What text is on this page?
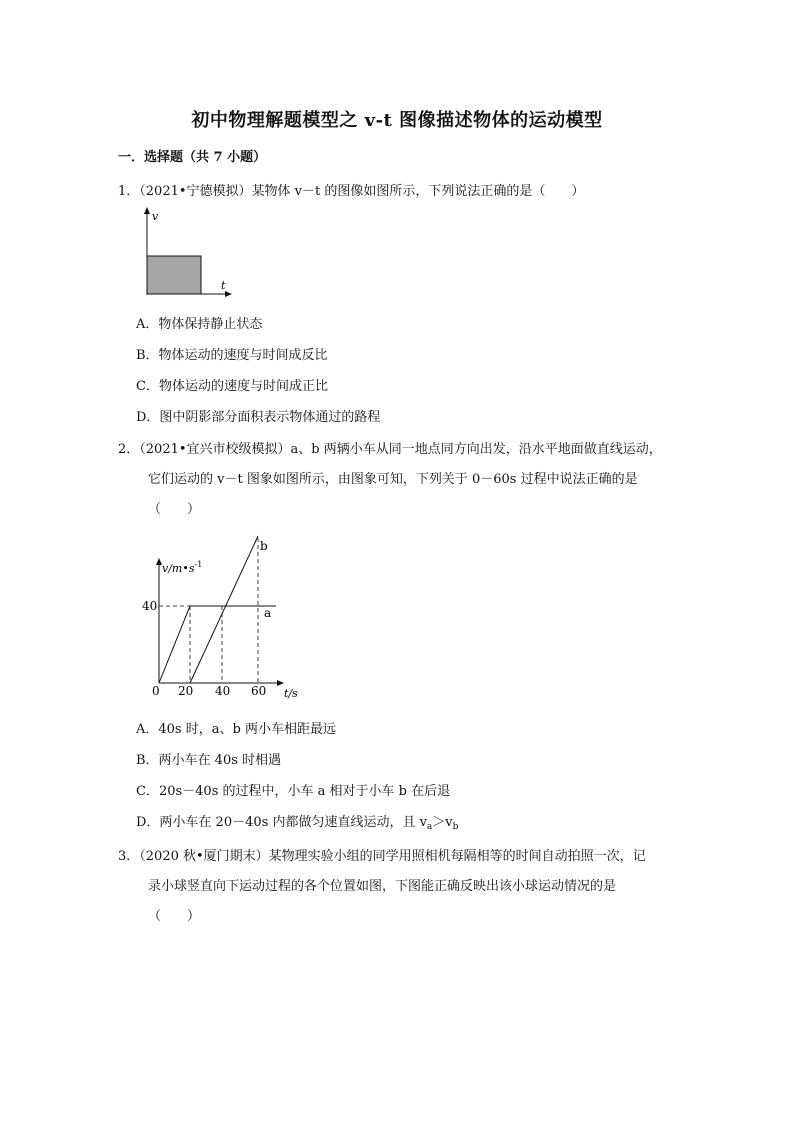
初中物理解题模型之 v-t 图像描述物体的运动模型
一．选择题（共 7 小题）
1．（2021•宁德模拟）某物体 v－t 的图像如图所示，下列说法正确的是（　　）
v
t
A．物体保持静止状态
B．物体运动的速度与时间成反比
C．物体运动的速度与时间成正比
D．图中阴影部分面积表示物体通过的路程
2．（2021•宜兴市校级模拟）a、b 两辆小车从同一地点同方向出发，沿水平地面做直线运动，
它们运动的 v－t 图象如图所示，由图象可知，下列关于 0－60s 过程中说法正确的是
（　　）
$v/m•s^{-1}$
40
0 20 40 60 t/s
a
b
A．40s 时，a、b 两小车相距最远
B．两小车在 40s 时相遇
C．20s－40s 的过程中，小车 a 相对于小车 b 在后退
D．两小车在 20－40s 内都做匀速直线运动，且 $v_a>v_b$
3．（2020 秋•厦门期末）某物理实验小组的同学用照相机每隔相等的时间自动拍照一次，记
录小球竖直向下运动过程的各个位置如图，下图能正确反映出该小球运动情况的是
（　　）
